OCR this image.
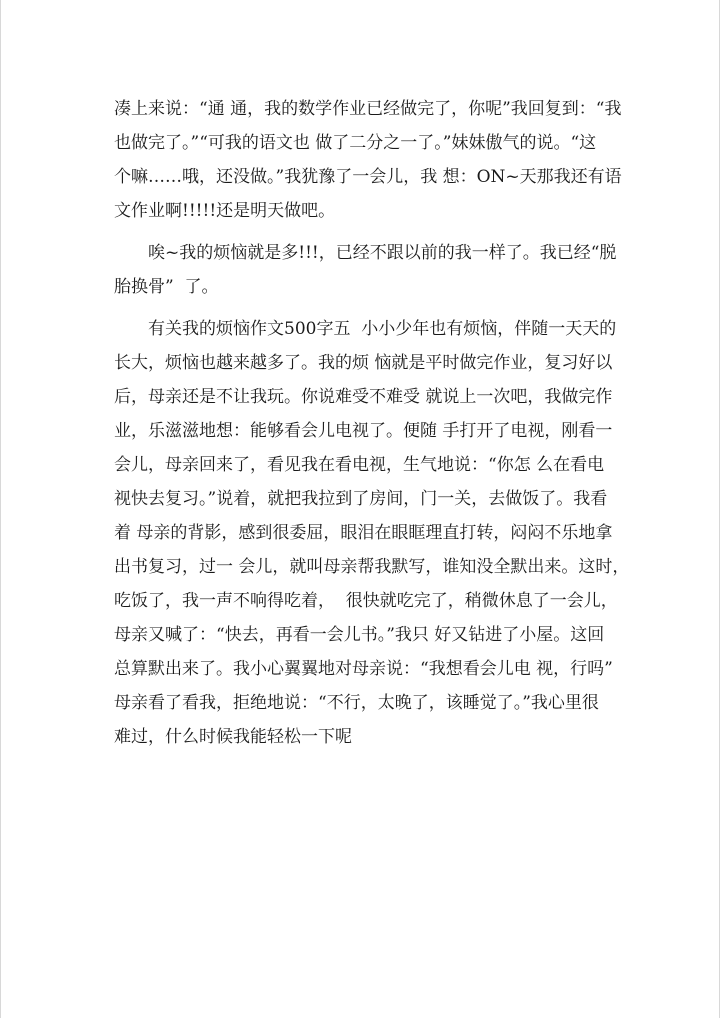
凑上来说：“通 通，我的数学作业已经做完了，你呢”我回复到：“我
也做完了。”“可我的语文也 做了二分之一了。”妹妹傲气的说。“这
个嘛……哦，还没做。”我犹豫了一会儿，我 想：ON~天那我还有语
文作业啊!!!!!还是明天做吧。
唉~我的烦恼就是多!!!，已经不跟以前的我一样了。我已经“脱
胎换骨”  了。
有关我的烦恼作文500字五  小小少年也有烦恼，伴随一天天的
长大，烦恼也越来越多了。我的烦 恼就是平时做完作业，复习好以
后，母亲还是不让我玩。你说难受不难受 就说上一次吧，我做完作
业，乐滋滋地想：能够看会儿电视了。便随 手打开了电视，刚看一
会儿，母亲回来了，看见我在看电视，生气地说：“你怎 么在看电
视快去复习。”说着，就把我拉到了房间，门一关，去做饭了。我看
着 母亲的背影，感到很委屈，眼泪在眼眶理直打转，闷闷不乐地拿
出书复习，过一 会儿，就叫母亲帮我默写，谁知没全默出来。这时，
吃饭了，我一声不响得吃着，  很快就吃完了，稍微休息了一会儿，
母亲又喊了：“快去，再看一会儿书。”我只 好又钻进了小屋。这回
总算默出来了。我小心翼翼地对母亲说：“我想看会儿电 视，行吗”
母亲看了看我，拒绝地说：“不行，太晚了，该睡觉了。”我心里很
难过，什么时候我能轻松一下呢
